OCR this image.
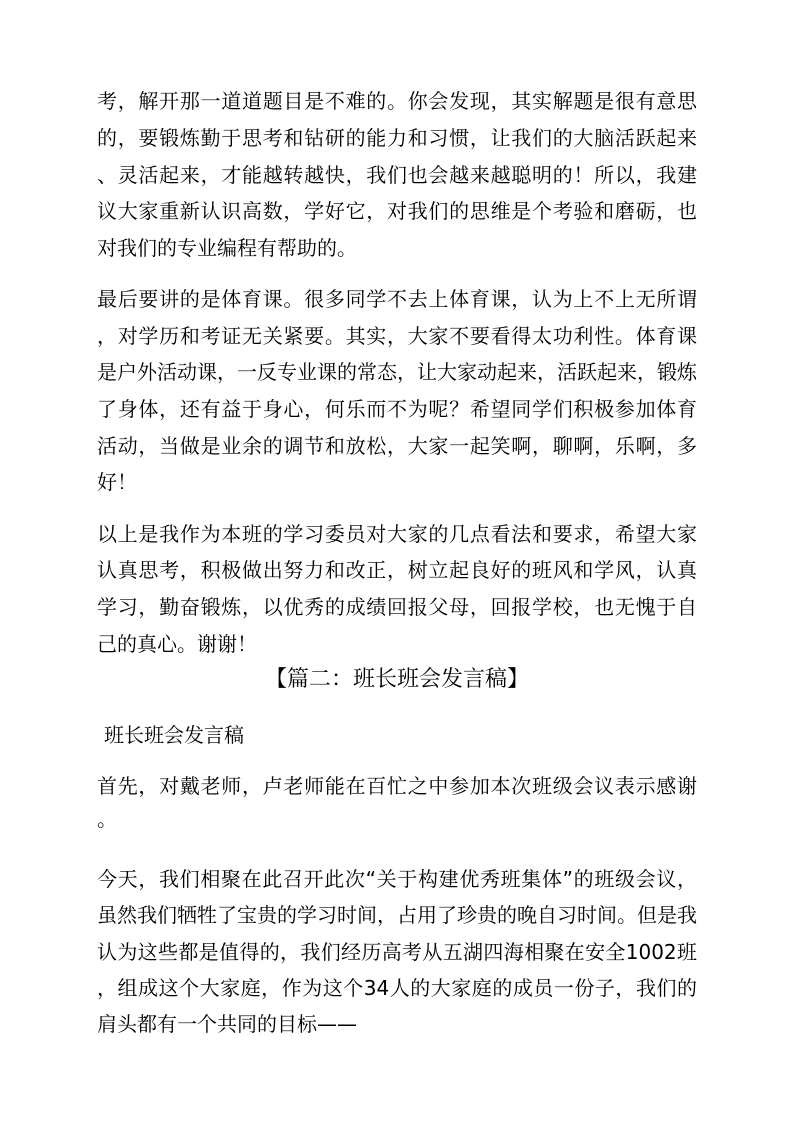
考，解开那一道道题目是不难的。你会发现，其实解题是很有意思
的，要锻炼勤于思考和钻研的能力和习惯，让我们的大脑活跃起来
、灵活起来，才能越转越快，我们也会越来越聪明的！所以，我建
议大家重新认识高数，学好它，对我们的思维是个考验和磨砺，也
对我们的专业编程有帮助的。
最后要讲的是体育课。很多同学不去上体育课，认为上不上无所谓
，对学历和考证无关紧要。其实，大家不要看得太功利性。体育课
是户外活动课，一反专业课的常态，让大家动起来，活跃起来，锻炼
了身体，还有益于身心，何乐而不为呢？希望同学们积极参加体育
活动，当做是业余的调节和放松，大家一起笑啊，聊啊，乐啊，多
好！
以上是我作为本班的学习委员对大家的几点看法和要求，希望大家
认真思考，积极做出努力和改正，树立起良好的班风和学风，认真
学习，勤奋锻炼，以优秀的成绩回报父母，回报学校，也无愧于自
己的真心。谢谢！
【篇二：班长班会发言稿】
班长班会发言稿
首先，对戴老师，卢老师能在百忙之中参加本次班级会议表示感谢
。
今天，我们相聚在此召开此次“关于构建优秀班集体”的班级会议，
虽然我们牺牲了宝贵的学习时间，占用了珍贵的晚自习时间。但是我
认为这些都是值得的，我们经历高考从五湖四海相聚在安全1002班
，组成这个大家庭，作为这个34人的大家庭的成员一份子，我们的
肩头都有一个共同的目标——
